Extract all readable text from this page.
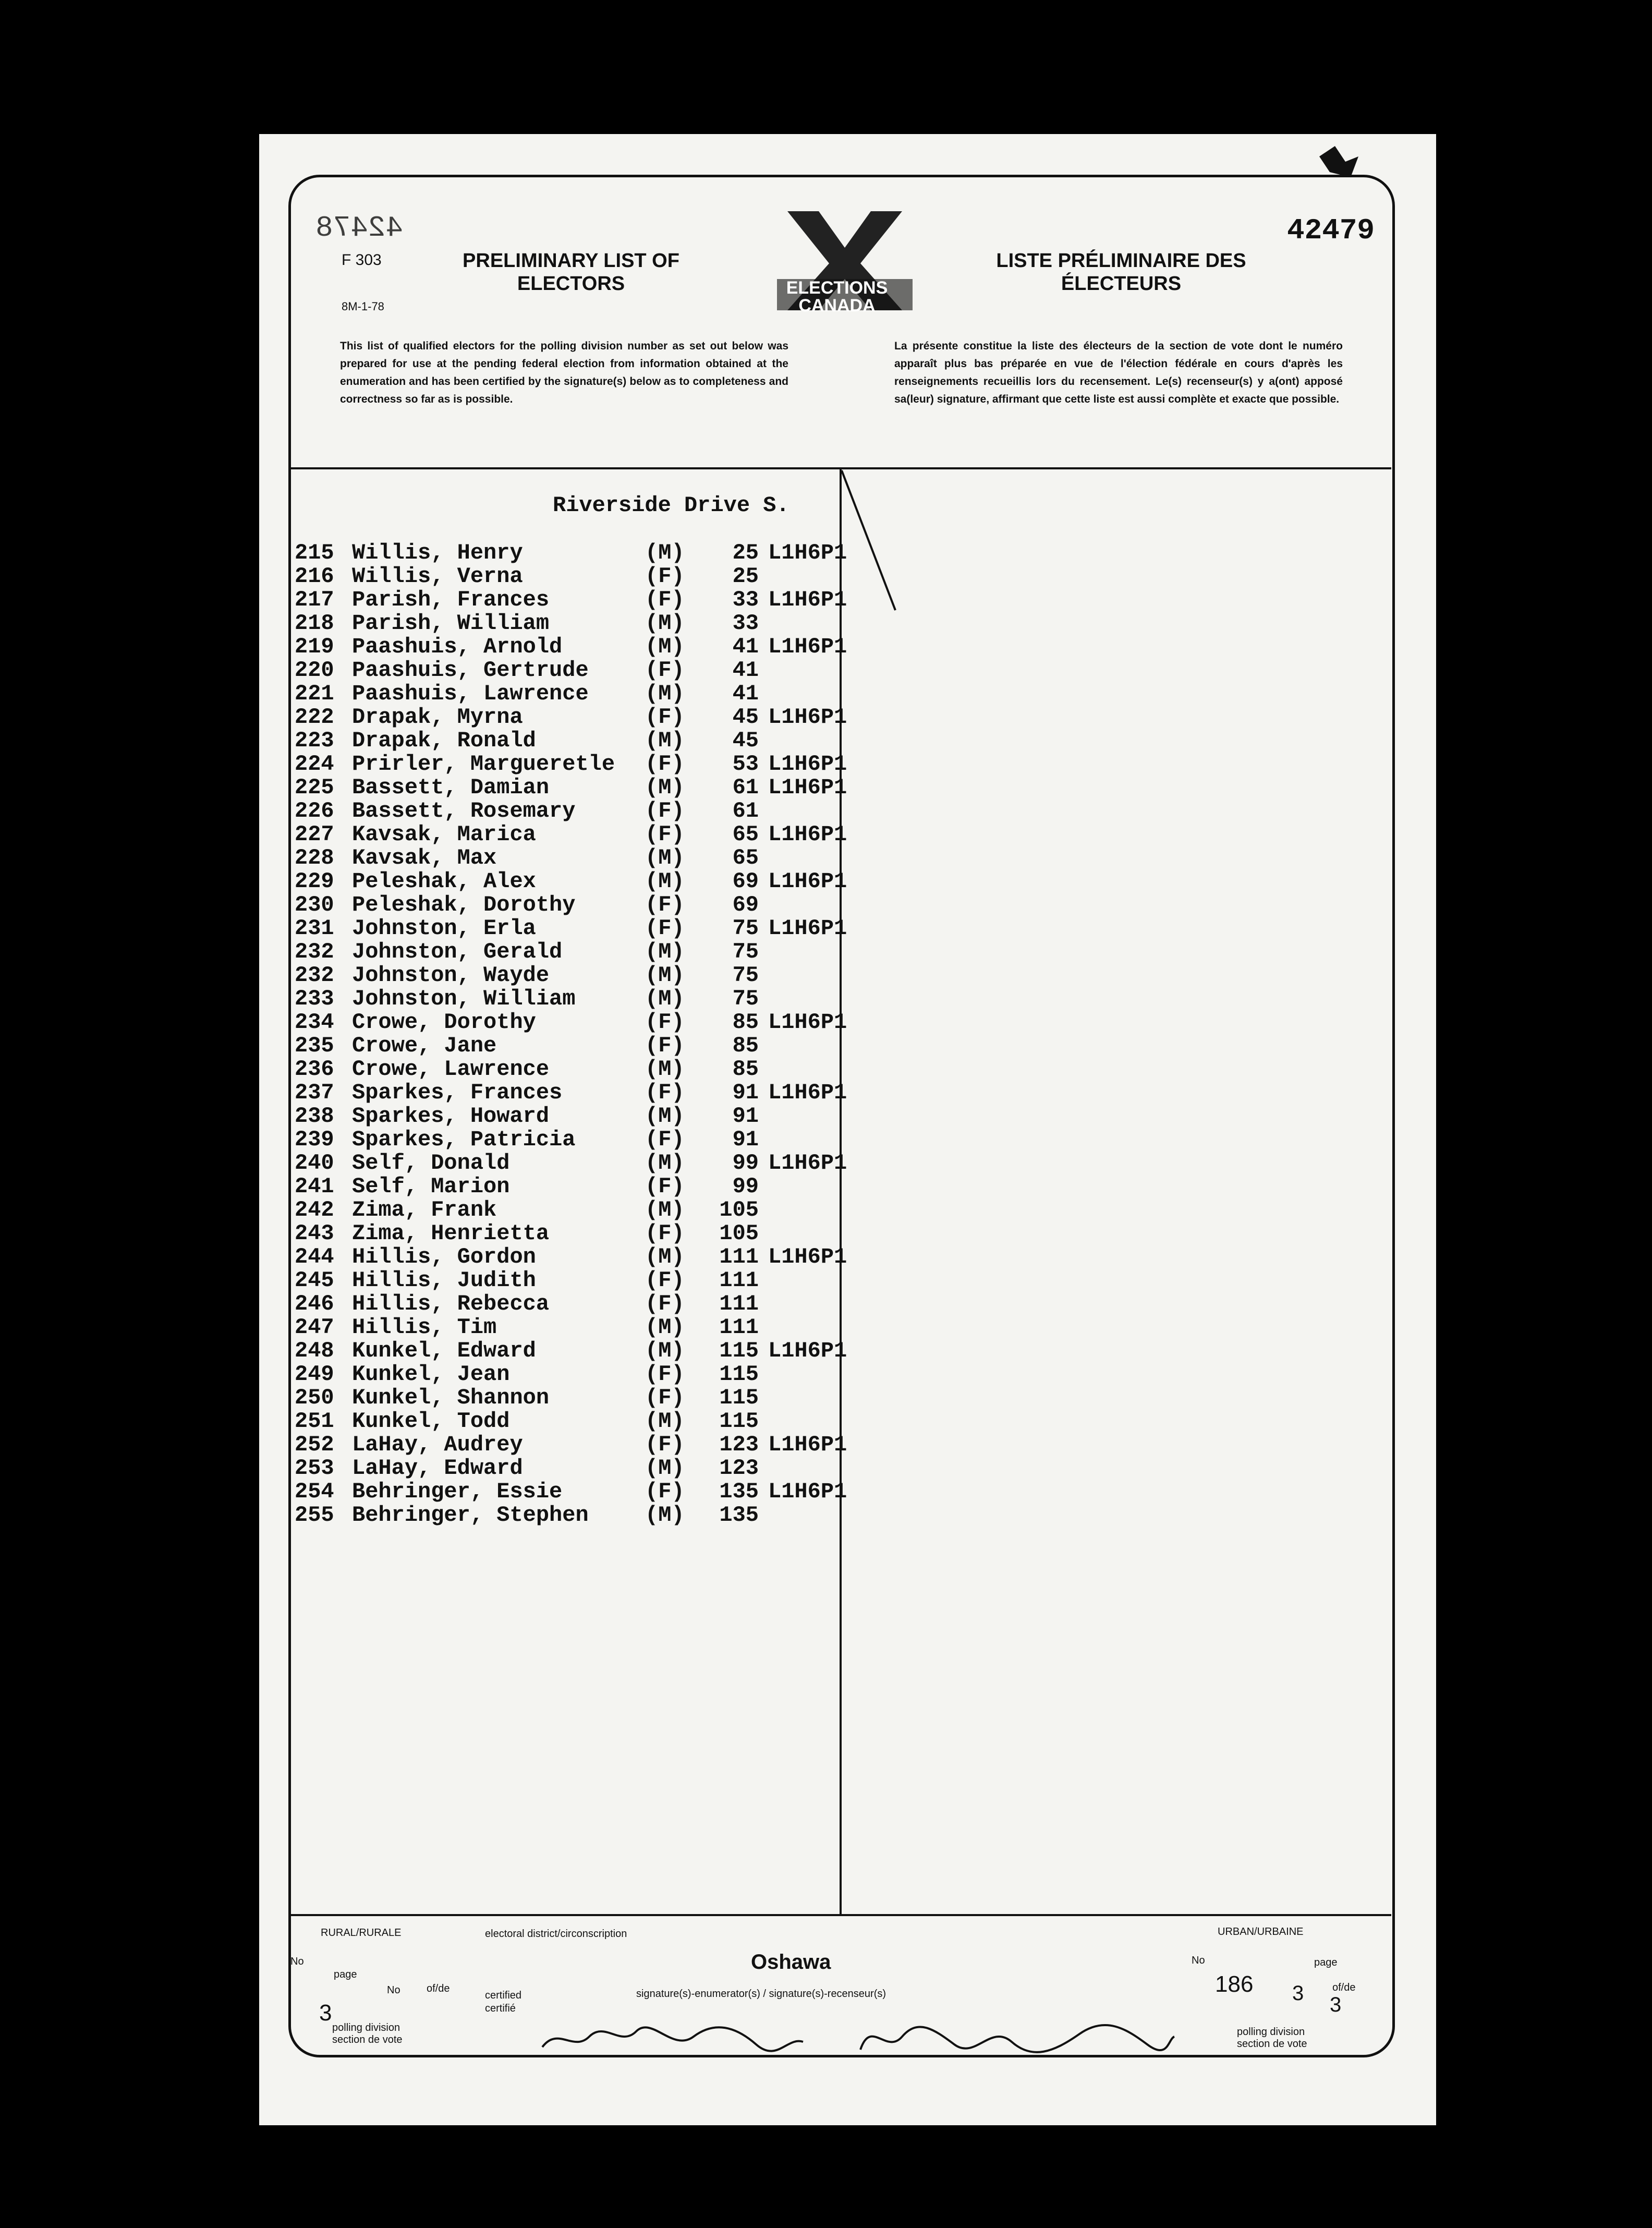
42478
F 303
8M-1-78
PRELIMINARY LIST OF ELECTORS	ELECTIONS CANADA
LISTE PRÉLIMINAIRE DES ÉLECTEURS
42479
This list of qualified electors for the polling division number as set out below was prepared for use at the pending federal election from information obtained at the enumeration and has been certified by the signature(s) below as to completeness and correctness so far as is possible.
La présente constitue la liste des électeurs de la section de vote dont le numéro apparaît plus bas préparée en vue de l'élection fédérale en cours d'après les renseignements recueillis lors du recensement. Le(s) recenseur(s) y a(ont) apposé sa(leur) signature, affirmant que cette liste est aussi complète et exacte que possible.
Riverside Drive S.
215 Willis, Henry	(M)	25 L1H6P1
216 Willis, Verna	(F)	25
217 Parish, Frances	(F)	33 L1H6P1
218 Parish, William	(M)	33
219 Paashuis, Arnold	(M)	41 L1H6P1
220 Paashuis, Gertrude	(F)	41
221 Paashuis, Lawrence	(M)	41
222 Drapak, Myrna	(F)	45 L1H6P1
223 Drapak, Ronald	(M)	45
224 Prirler, Margueretle (F)	53 L1H6P1
225 Bassett, Damian	(M)	61 L1H6P1
226 Bassett, Rosemary	(F)	61
227 Kavsak, Marica	(F)	65 L1H6P1
228 Kavsak, Max	(M)	65
229 Peleshak, Alex	(M)	69 L1H6P1
230 Peleshak, Dorothy	(F)	69
231 Johnston, Erla	(F)	75 L1H6P1
232 Johnston, Gerald	(M)	75
232 Johnston, Wayde	(M)	75
233 Johnston, William	(M)	75
234 Crowe, Dorothy	(F)	85 L1H6P1
235 Crowe, Jane	(F)	85
236 Crowe, Lawrence	(M)	85
237 Sparkes, Frances	(F)	91 L1H6P1
238 Sparkes, Howard	(M)	91
239 Sparkes, Patricia	(F)	91
240 Self, Donald	(M)	99 L1H6P1
241 Self, Marion	(F)	99
242 Zima, Frank	(M)	105
243 Zima, Henrietta	(F)	105
244 Hillis, Gordon	(M)	111 L1H6P1
245 Hillis, Judith	(F)	111
246 Hillis, Rebecca	(F)	111
247 Hillis, Tim	(M)	111
248 Kunkel, Edward	(M)	115 L1H6P1
249 Kunkel, Jean	(F)	115
250 Kunkel, Shannon	(F)	115
251 Kunkel, Todd	(M)	115
252 LaHay, Audrey	(F)	123 L1H6P1
253 LaHay, Edward	(M)	123
254 Behringer, Essie	(F)	135 L1H6P1
255 Behringer, Stephen	(M)	135
RURAL/RURALE	electoral district/circonscription
Oshawa
URBAN/URBAINE
No
page
No	of/de
3
polling division
section de vote
certified
certifié
signature(s)-enumerator(s) / signature(s)-recenseur(s)
No	page
186 3	of/de
3
polling division
section de vote
